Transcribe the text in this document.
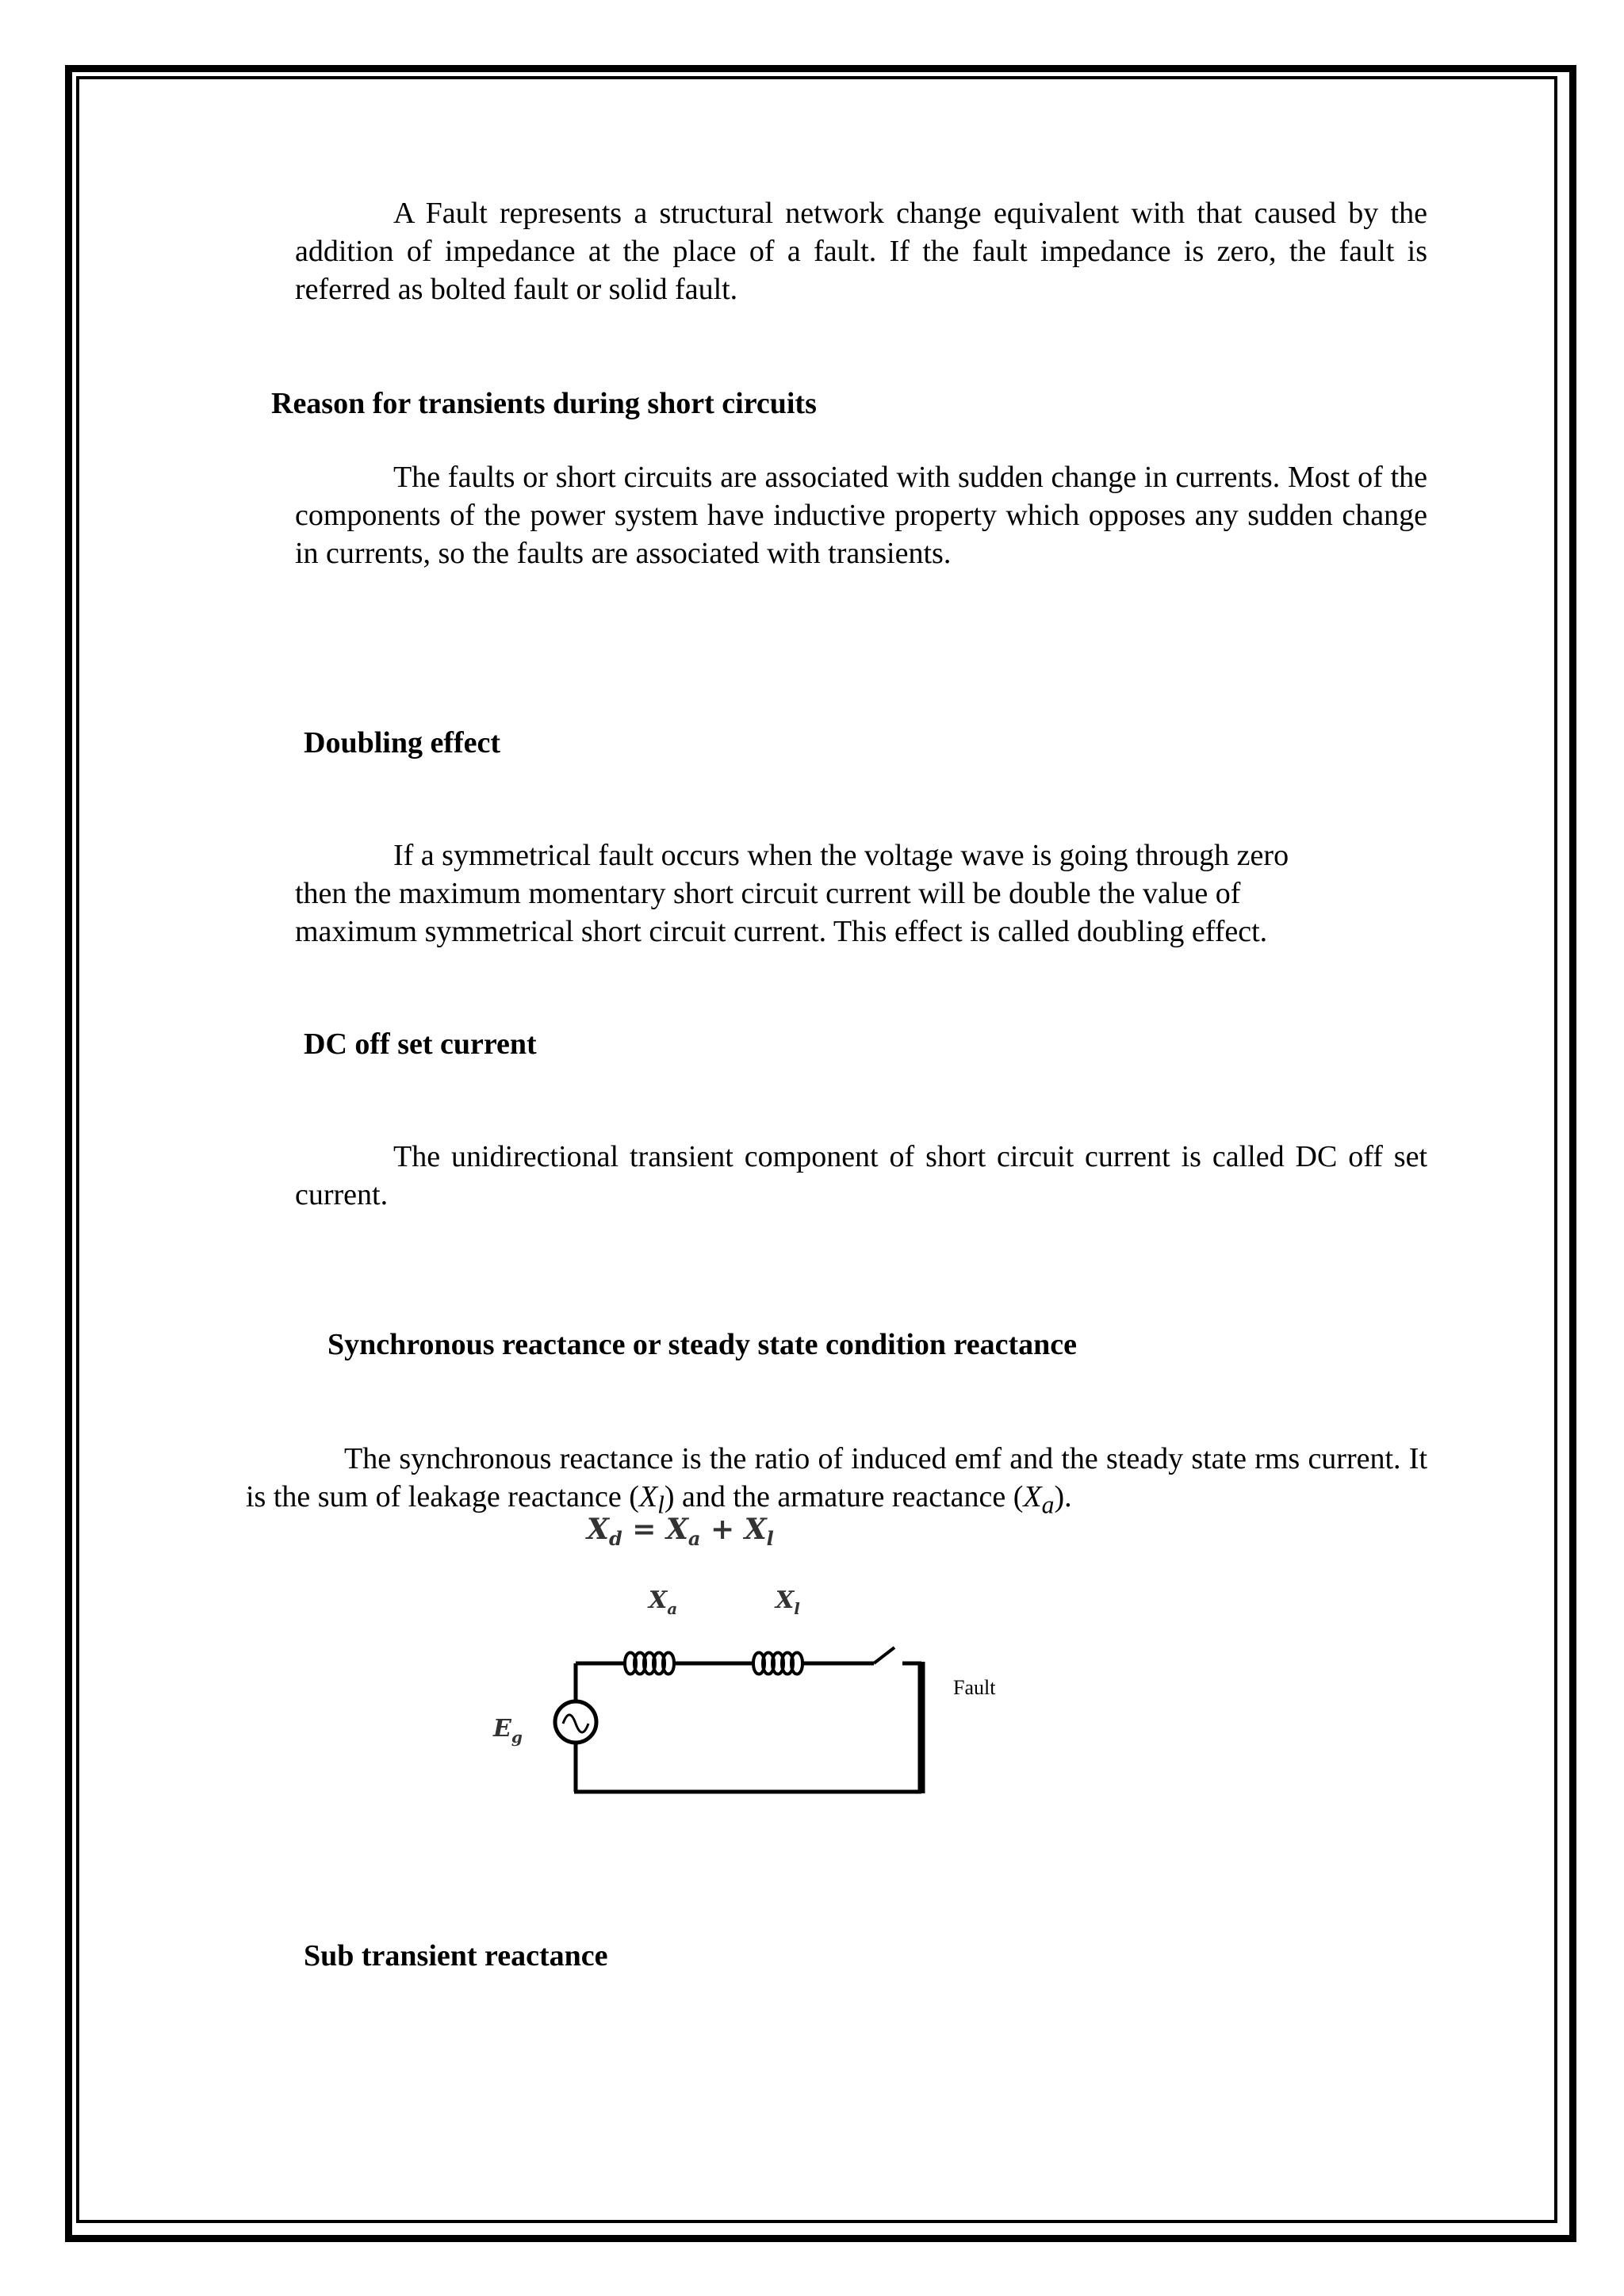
A Fault represents a structural network change equivalent with that caused by the addition of impedance at the place of a fault. If the fault impedance is zero, the fault is referred as bolted fault or solid fault.

Reason for transients during short circuits

The faults or short circuits are associated with sudden change in currents. Most of the components of the power system have inductive property which opposes any sudden change in currents, so the faults are associated with transients.

Doubling effect
If a symmetrical fault occurs when the voltage wave is going through zero
then the maximum momentary short circuit current will be double the value of
maximum symmetrical short circuit current. This effect is called doubling effect.
DC off set current

The unidirectional transient component of short circuit current is called DC off set current.

Synchronous reactance or steady state condition reactance

The synchronous reactance is the ratio of induced emf and the steady state rms current. It is the sum of leakage reactance $(X_l)$ and the armature reactance $(X_a)$.

$X_d = X_a + X_l$
$X_a$	$X_l$
$E_g$
Fault
Sub transient reactance
